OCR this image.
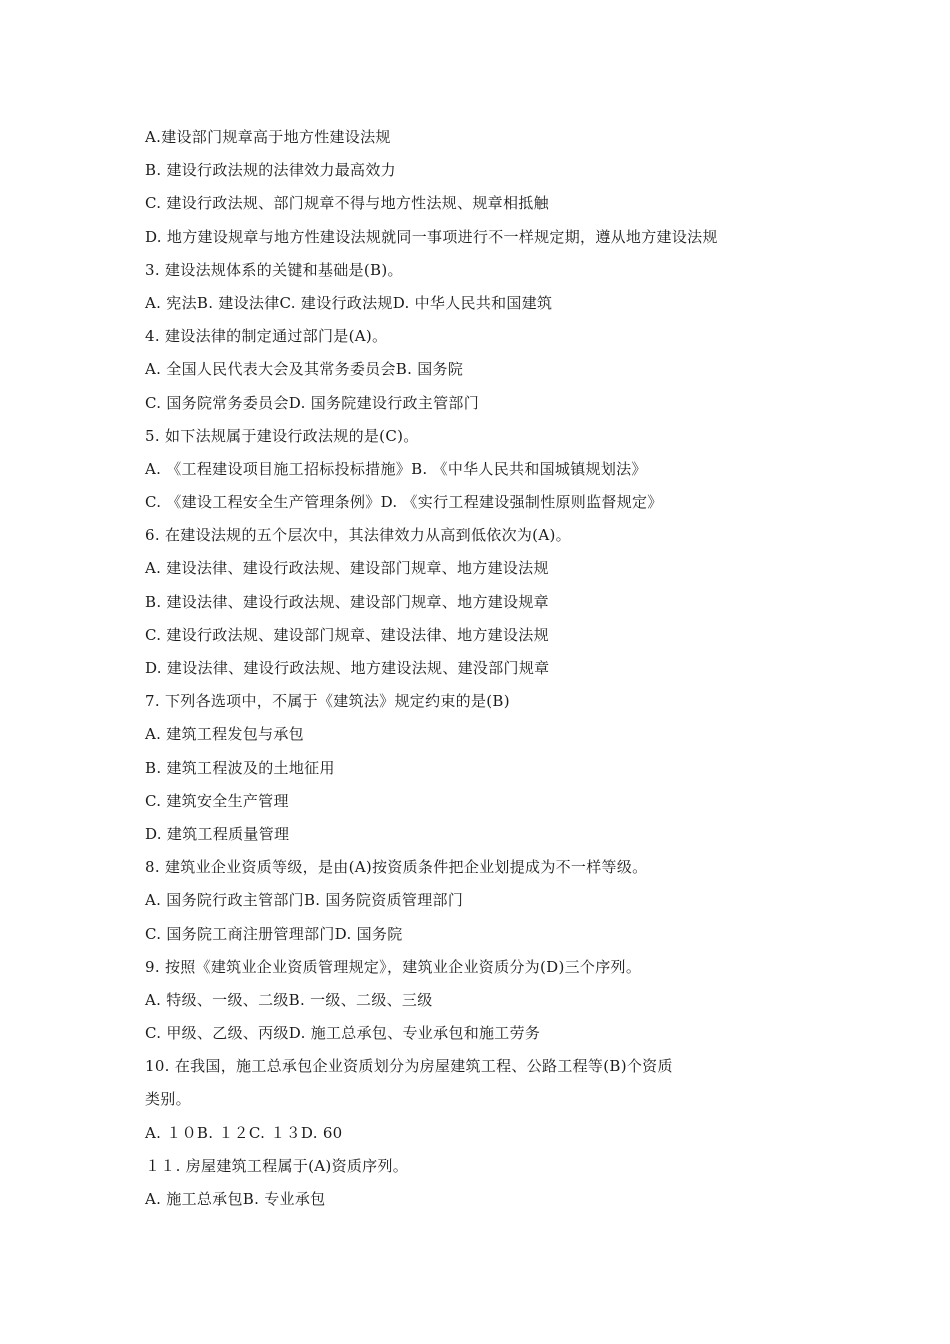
A.建设部门规章高于地方性建设法规
B. 建设行政法规的法律效力最高效力
C. 建设行政法规、部门规章不得与地方性法规、规章相抵触
D. 地方建设规章与地方性建设法规就同一事项进行不一样规定期，遵从地方建设法规
3. 建设法规体系的关键和基础是(B)。
A. 宪法B. 建设法律C. 建设行政法规D. 中华人民共和国建筑
4. 建设法律的制定通过部门是(A)。
A. 全国人民代表大会及其常务委员会B. 国务院
C. 国务院常务委员会D. 国务院建设行政主管部门
5. 如下法规属于建设行政法规的是(C)。
A. 《工程建设项目施工招标投标措施》B. 《中华人民共和国城镇规划法》
C. 《建设工程安全生产管理条例》D. 《实行工程建设强制性原则监督规定》
6. 在建设法规的五个层次中，其法律效力从高到低依次为(A)。
A. 建设法律、建设行政法规、建设部门规章、地方建设法规
B. 建设法律、建设行政法规、建设部门规章、地方建设规章
C. 建设行政法规、建设部门规章、建设法律、地方建设法规
D. 建设法律、建设行政法规、地方建设法规、建没部门规章
7. 下列各选项中，不属于《建筑法》规定约束的是(B)
A. 建筑工程发包与承包
B. 建筑工程波及的土地征用
C. 建筑安全生产管理
D. 建筑工程质量管理
8. 建筑业企业资质等级，是由(A)按资质条件把企业划提成为不一样等级。
A. 国务院行政主管部门B. 国务院资质管理部门
C. 国务院工商注册管理部门D. 国务院
9. 按照《建筑业企业资质管理规定》，建筑业企业资质分为(D)三个序列。
A. 特级、一级、二级B. 一级、二级、三级
C. 甲级、乙级、丙级D. 施工总承包、专业承包和施工劳务
10. 在我国，施工总承包企业资质划分为房屋建筑工程、公路工程等(B)个资质
类别。
A. １０B. １２C. １３D. 60
１１. 房屋建筑工程属于(A)资质序列。
A. 施工总承包B. 专业承包
